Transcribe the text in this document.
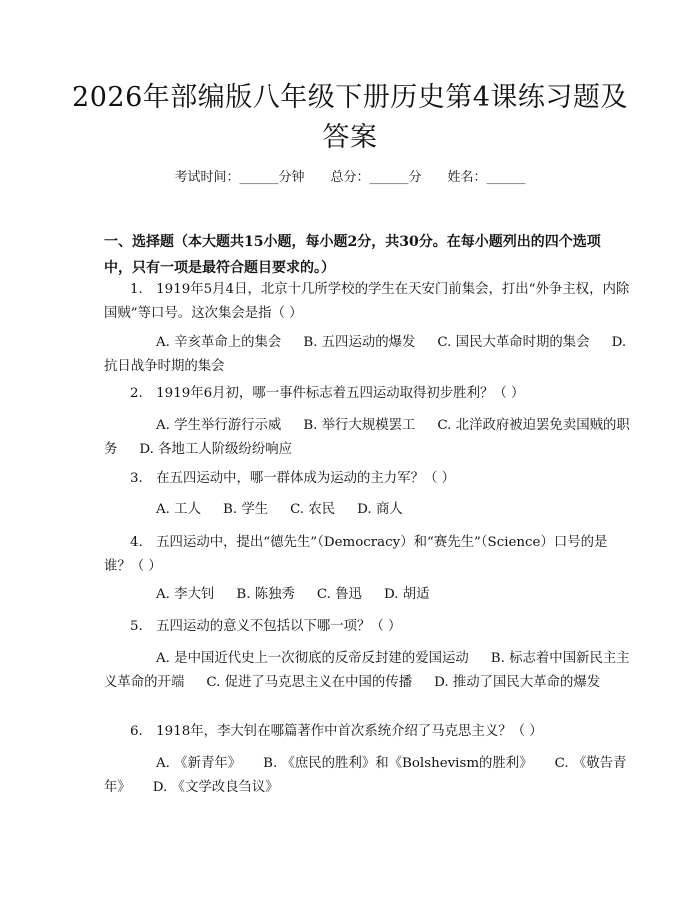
2026年部编版八年级下册历史第4课练习题及答案
考试时间：______分钟 总分：______分 姓名：______

一、选择题（本大题共15小题，每小题2分，共30分。在每小题列出的四个选项中，只有一项是最符合题目要求的。）

1.　1919年5月4日，北京十几所学校的学生在天安门前集会，打出“外争主权，内除国贼”等口号。这次集会是指（ ）

A. 辛亥革命上的集会 B. 五四运动的爆发 C. 国民大革命时期的集会 D. 抗日战争时期的集会

2.　1919年6月初，哪一事件标志着五四运动取得初步胜利？（ ）

A. 学生举行游行示威 B. 举行大规模罢工 C. 北洋政府被迫罢免卖国贼的职务 D. 各地工人阶级纷纷响应

3.　在五四运动中，哪一群体成为运动的主力军？（ ）

A. 工人 B. 学生 C. 农民 D. 商人

4.　五四运动中，提出“德先生”（Democracy）和“赛先生”（Science）口号的是谁？（ ）

A. 李大钊 B. 陈独秀 C. 鲁迅 D. 胡适

5.　五四运动的意义不包括以下哪一项？（ ）

A. 是中国近代史上一次彻底的反帝反封建的爱国运动 B. 标志着中国新民主主义革命的开端 C. 促进了马克思主义在中国的传播 D. 推动了国民大革命的爆发

6.　1918年，李大钊在哪篇著作中首次系统介绍了马克思主义？（ ）

A. 《新青年》 B. 《庶民的胜利》和《Bolshevism的胜利》 C. 《敬告青年》 D. 《文学改良刍议》
